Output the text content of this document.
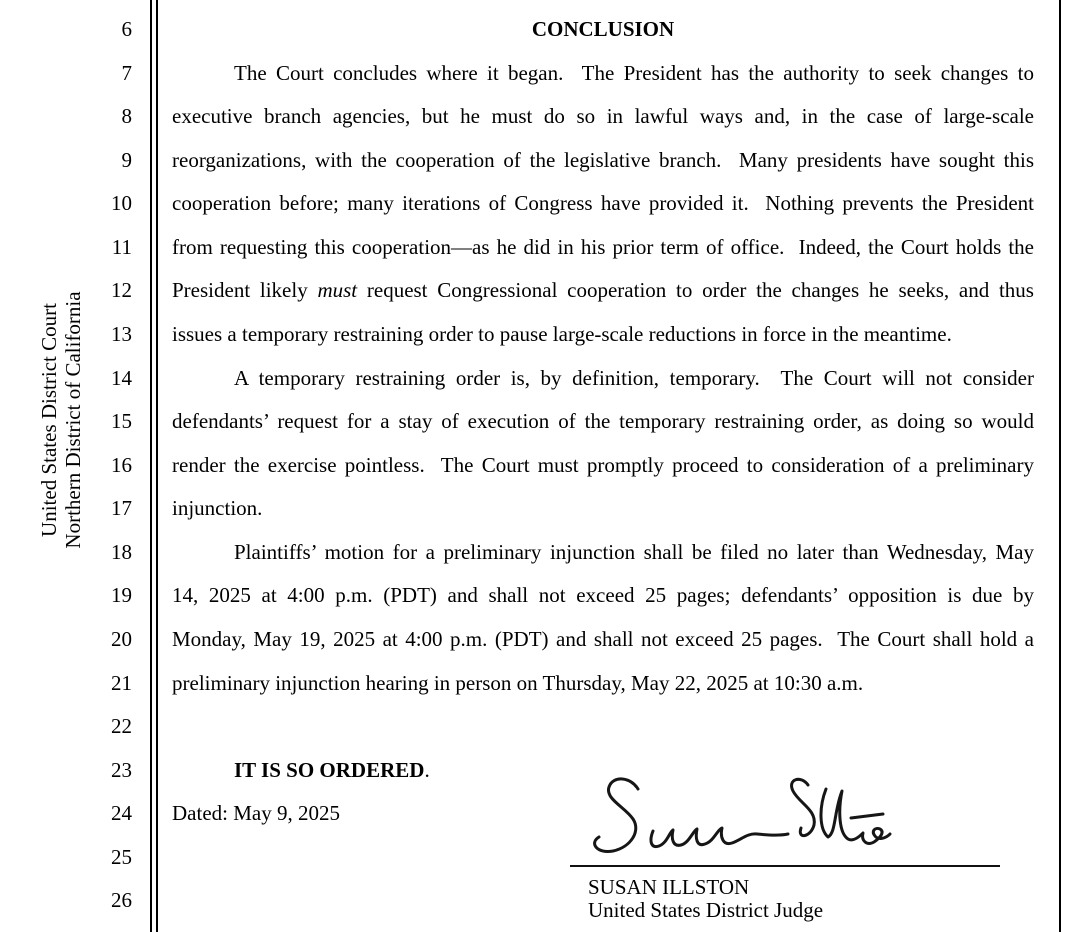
United States District Court Northern District of California
6
7
8
9
10
11
12
13
14
15
16
17
18
19
20
21
22
23
24
25
26
CONCLUSION
The Court concludes where it began.  The President has the authority to seek changes to
executive branch agencies, but he must do so in lawful ways and, in the case of large-scale
reorganizations, with the cooperation of the legislative branch.  Many presidents have sought this
cooperation before; many iterations of Congress have provided it.  Nothing prevents the President
from requesting this cooperation—as he did in his prior term of office.  Indeed, the Court holds the
President likely must request Congressional cooperation to order the changes he seeks, and thus
issues a temporary restraining order to pause large-scale reductions in force in the meantime.
A temporary restraining order is, by definition, temporary.  The Court will not consider
defendants’ request for a stay of execution of the temporary restraining order, as doing so would
render the exercise pointless.  The Court must promptly proceed to consideration of a preliminary
injunction.
Plaintiffs’ motion for a preliminary injunction shall be filed no later than Wednesday, May
14, 2025 at 4:00 p.m. (PDT) and shall not exceed 25 pages; defendants’ opposition is due by
Monday, May 19, 2025 at 4:00 p.m. (PDT) and shall not exceed 25 pages.  The Court shall hold a
preliminary injunction hearing in person on Thursday, May 22, 2025 at 10:30 a.m.
IT IS SO ORDERED.
Dated: May 9, 2025
SUSAN ILLSTON
United States District Judge
